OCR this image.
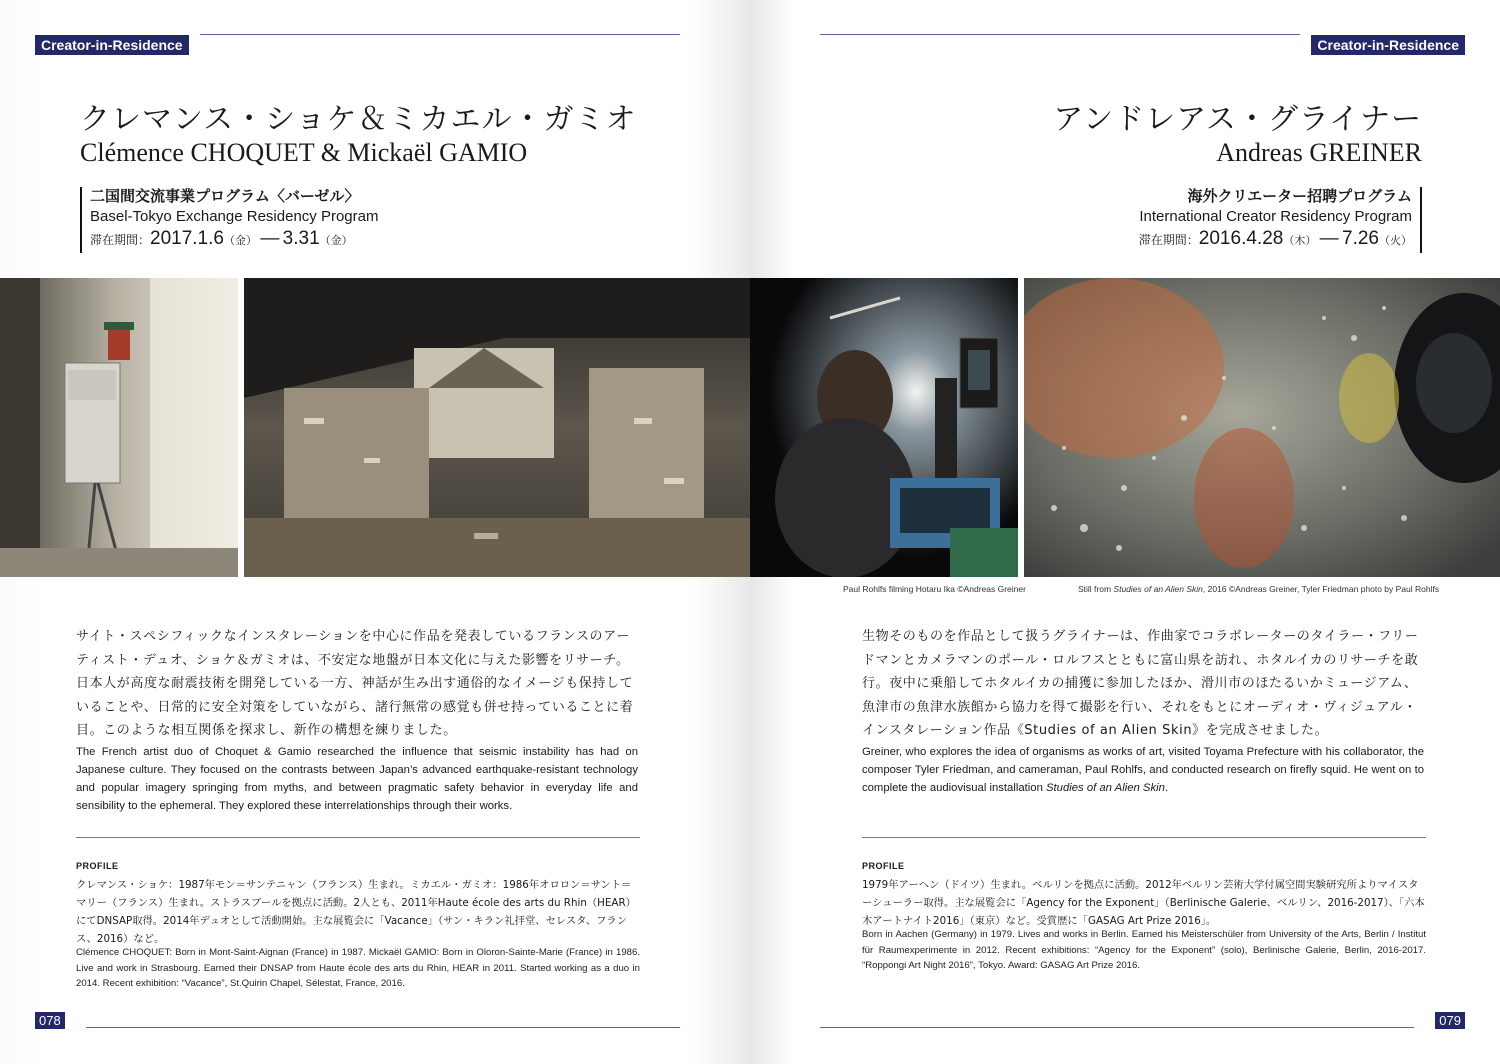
Creator-in-Residence
クレマンス・ショケ＆ミカエル・ガミオ
Clémence CHOQUET & Mickaël GAMIO
二国間交流事業プログラム〈バーゼル〉
Basel-Tokyo Exchange Residency Program
滞在期間：2017.1.6（金） — 3.31（金）
サイト・スペシフィックなインスタレーションを中心に作品を発表しているフランスのアーティスト・デュオ、ショケ＆ガミオは、不安定な地盤が日本文化に与えた影響をリサーチ。日本人が高度な耐震技術を開発している一方、神話が生み出す通俗的なイメージも保持していることや、日常的に安全対策をしていながら、諸行無常の感覚も併せ持っていることに着目。このような相互関係を探求し、新作の構想を練りました。
The French artist duo of Choquet & Gamio researched the influence that seismic instability has had on Japanese culture. They focused on the contrasts between Japan’s advanced earthquake-resistant technology and popular imagery springing from myths, and between pragmatic safety behavior in everyday life and sensibility to the ephemeral. They explored these interrelationships through their works.
PROFILE
クレマンス・ショケ：1987年モン＝サンテニャン（フランス）生まれ。ミカエル・ガミオ：1986年オロロン＝サント＝マリー（フランス）生まれ。ストラスブールを拠点に活動。2人とも、2011年Haute école des arts du Rhin（HEAR）にてDNSAP取得。2014年デュオとして活動開始。主な展覧会に「Vacance」（サン・キラン礼拝堂、セレスタ、フランス、2016）など。
Clémence CHOQUET: Born in Mont-Saint-Aignan (France) in 1987. Mickaël GAMIO: Born in Oloron-Sainte-Marie (France) in 1986. Live and work in Strasbourg. Earned their DNSAP from Haute école des arts du Rhin, HEAR in 2011. Started working as a duo in 2014. Recent exhibition: “Vacance”, St.Quirin Chapel, Sélestat, France, 2016.
078
Creator-in-Residence
アンドレアス・グライナー
Andreas GREINER
海外クリエーター招聘プログラム
International Creator Residency Program
滞在期間：2016.4.28（木） — 7.26（火）
Paul Rohlfs filming Hotaru Ika ©Andreas Greiner	Still from Studies of an Alien Skin, 2016 ©Andreas Greiner, Tyler Friedman photo by Paul Rohlfs
生物そのものを作品として扱うグライナーは、作曲家でコラボレーターのタイラー・フリードマンとカメラマンのポール・ロルフスとともに富山県を訪れ、ホタルイカのリサーチを敢行。夜中に乗船してホタルイカの捕獲に参加したほか、滑川市のほたるいかミュージアム、魚津市の魚津水族館から協力を得て撮影を行い、それをもとにオーディオ・ヴィジュアル・インスタレーション作品《Studies of an Alien Skin》を完成させました。
Greiner, who explores the idea of organisms as works of art, visited Toyama Prefecture with his collaborator, the composer Tyler Friedman, and cameraman, Paul Rohlfs, and conducted research on firefly squid. He went on to complete the audiovisual installation Studies of an Alien Skin.
PROFILE
1979年アーヘン（ドイツ）生まれ。ベルリンを拠点に活動。2012年ベルリン芸術大学付属空間実験研究所よりマイスターシューラー取得。主な展覧会に「Agency for the Exponent」（Berlinische Galerie、ベルリン、2016-2017）、「六本木アートナイト2016」（東京）など。受賞歴に「GASAG Art Prize 2016」。
Born in Aachen (Germany) in 1979. Lives and works in Berlin. Earned his Meisterschüler from University of the Arts, Berlin / Institut für Raumexperimente in 2012. Recent exhibitions: “Agency for the Exponent” (solo), Berlinische Galerie, Berlin, 2016-2017. “Roppongi Art Night 2016”, Tokyo. Award: GASAG Art Prize 2016.
079
